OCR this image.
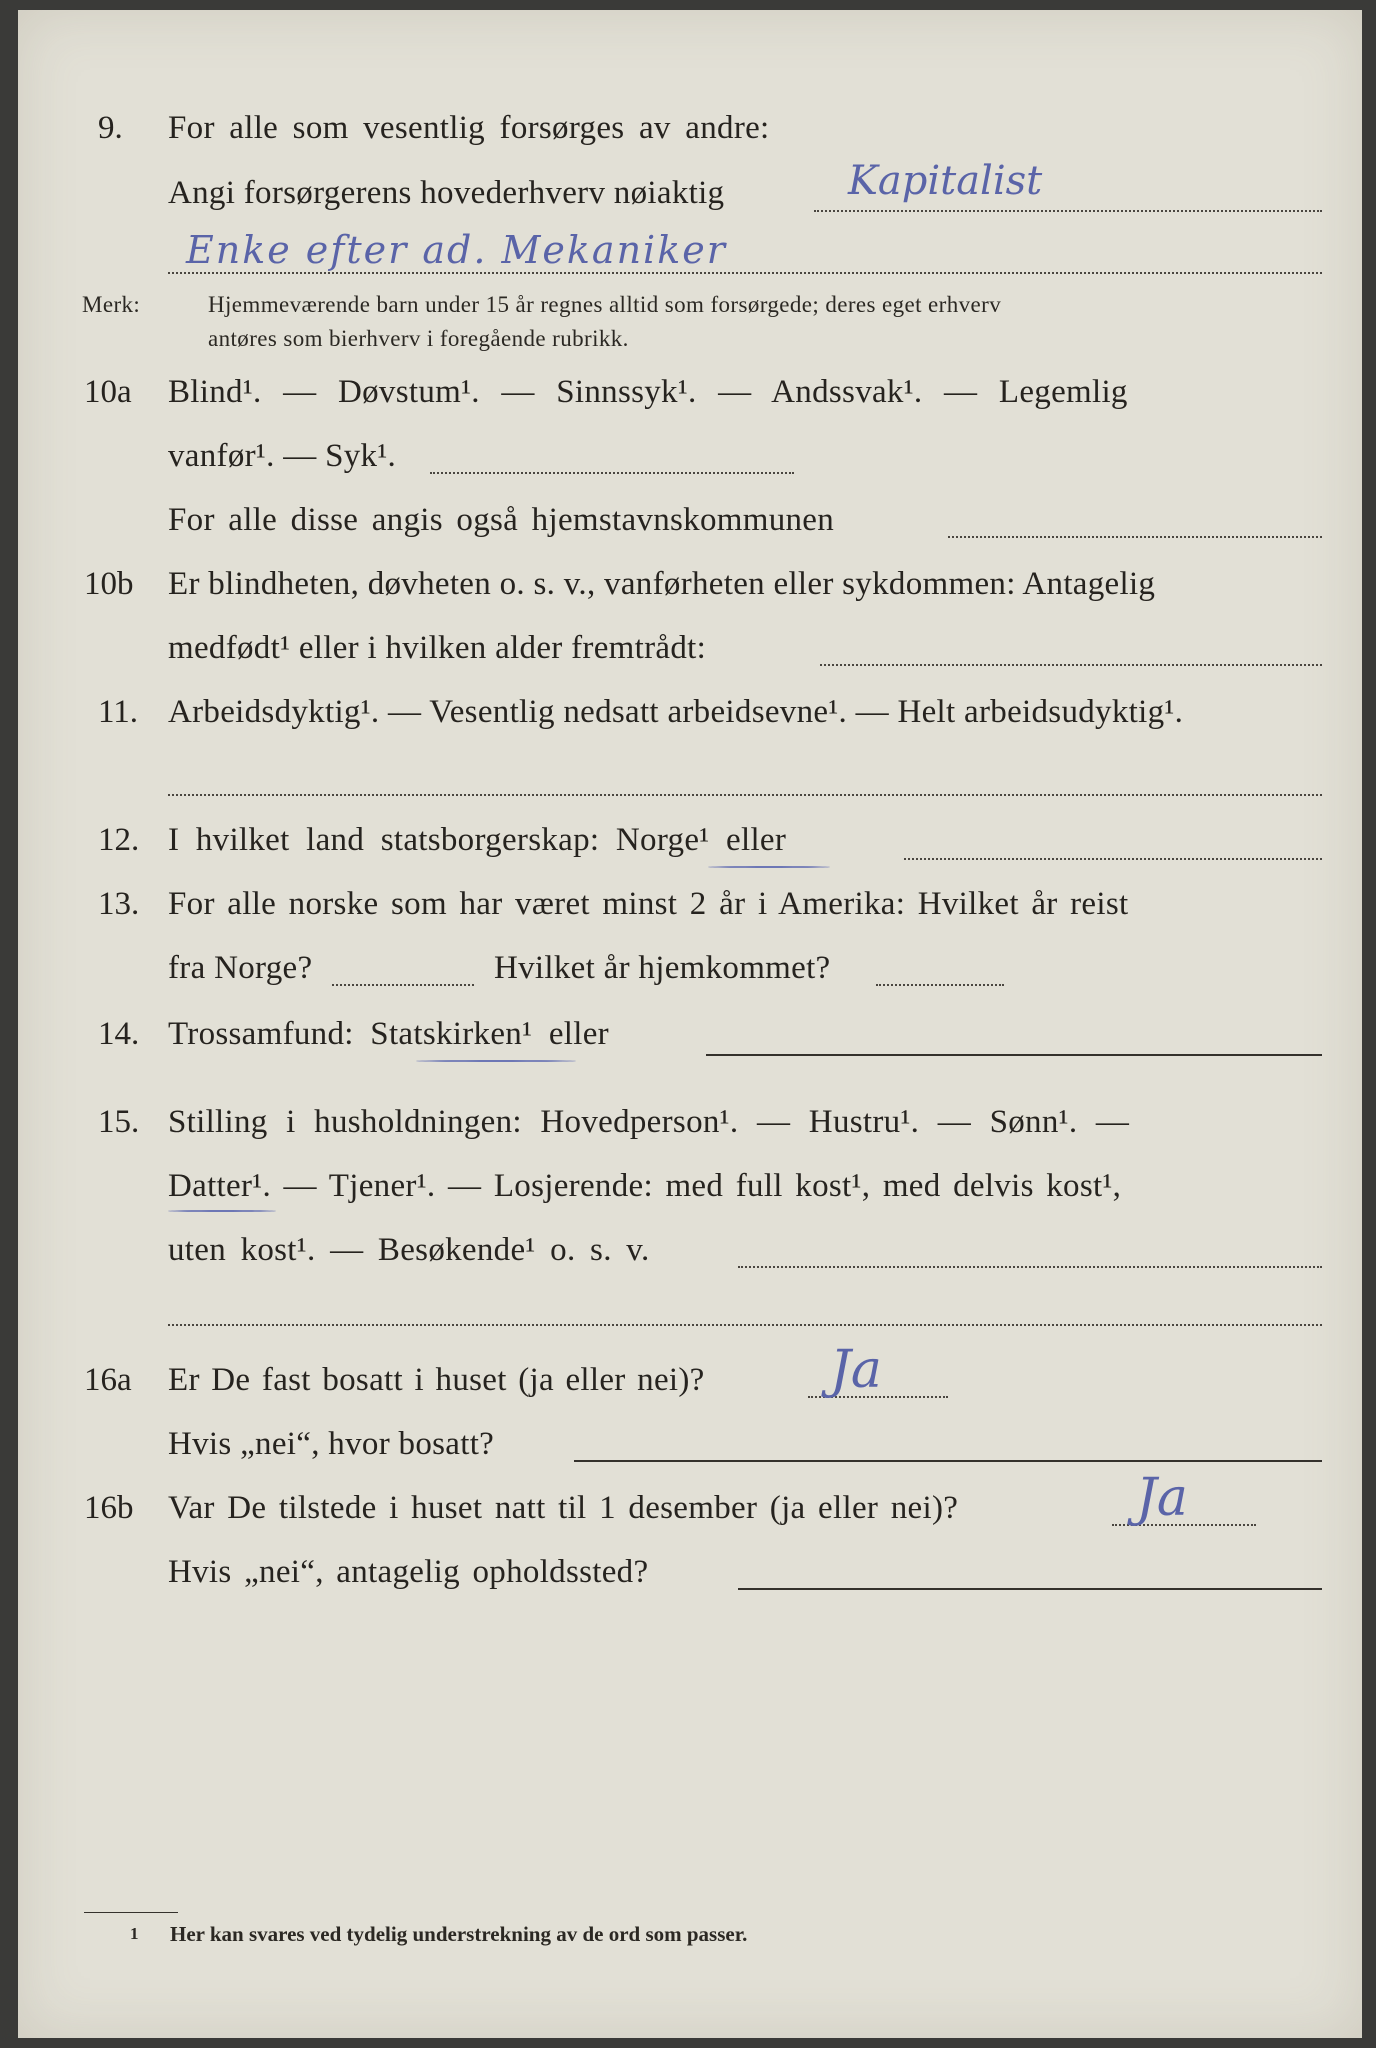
9. For alle som vesentlig forsørges av andre:
Angi forsørgerens hovederhverv nøiaktig	Kapitalist
Enke efter ad. Mekaniker
Merk:	Hjemmeværende barn under 15 år regnes alltid som forsørgede; deres eget erhverv
antøres som bierhverv i foregående rubrikk.
10a Blind¹. — Døvstum¹. — Sinnssyk¹. — Andssvak¹. — Legemlig
vanfør¹. — Syk¹.
For alle disse angis også hjemstavnskommunen
10b Er blindheten, døvheten o. s. v., vanførheten eller sykdommen: Antagelig
medfødt¹ eller i hvilken alder fremtrådt:
11. Arbeidsdyktig¹. — Vesentlig nedsatt arbeidsevne¹. — Helt arbeidsudyktig¹.
12. I hvilket land statsborgerskap: Norge¹ eller
13. For alle norske som har været minst 2 år i Amerika: Hvilket år reist
fra Norge?	Hvilket år hjemkommet?
14. Trossamfund: Statskirken¹ eller
15. Stilling i husholdningen: Hovedperson¹. — Hustru¹. — Sønn¹. —
Datter¹. — Tjener¹. — Losjerende: med full kost¹, med delvis kost¹,
uten kost¹. — Besøkende¹ o. s. v.
16a Er De fast bosatt i huset (ja eller nei)? Ja
Hvis „nei“, hvor bosatt?
16b Var De tilstede i huset natt til 1 desember (ja eller nei)?	Ja
Hvis „nei“, antagelig opholdssted?
1 Her kan svares ved tydelig understrekning av de ord som passer.
